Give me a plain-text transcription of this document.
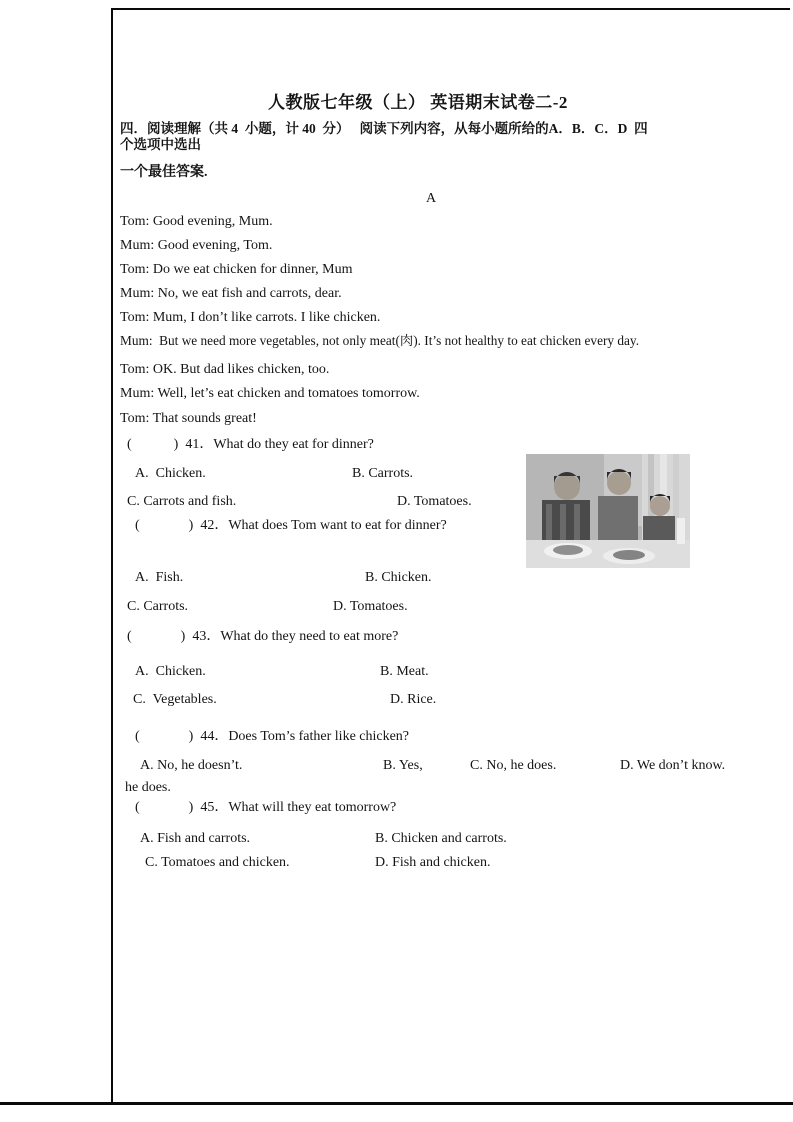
人教版七年级（上） 英语期末试卷二-2
四．阅读理解（共 4  小题，计 40  分）   阅读下列内容，从每小题所给的A．B．C．D  四
个选项中选出
一个最佳答案.
A
Tom: Good evening, Mum.
Mum: Good evening, Tom.
Tom: Do we eat chicken for dinner, Mum
Mum: No, we eat fish and carrots, dear.
Tom: Mum, I don’t like carrots. I like chicken.
Mum:  But we need more vegetables, not only meat(肉). It’s not healthy to eat chicken every day.
Tom: OK. But dad likes chicken, too.
Mum: Well, let’s eat chicken and tomatoes tomorrow.
Tom: That sounds great!
(            )  41．What do they eat for dinner?
A.  Chicken.	B. Carrots.
C. Carrots and fish.	D. Tomatoes.
(              )  42．What does Tom want to eat for dinner?
A.  Fish.	B. Chicken.
C. Carrots.	D. Tomatoes.
(              )  43．What do they need to eat more?
A.  Chicken.	B. Meat.
C.  Vegetables.	D. Rice.
(              )  44．Does Tom’s father like chicken?
A. No, he doesn’t.	B. Yes,	C. No, he does.	D. We don’t know.
he does.
(              )  45．What will they eat tomorrow?
A. Fish and carrots.	B. Chicken and carrots.
C. Tomatoes and chicken.	D. Fish and chicken.
